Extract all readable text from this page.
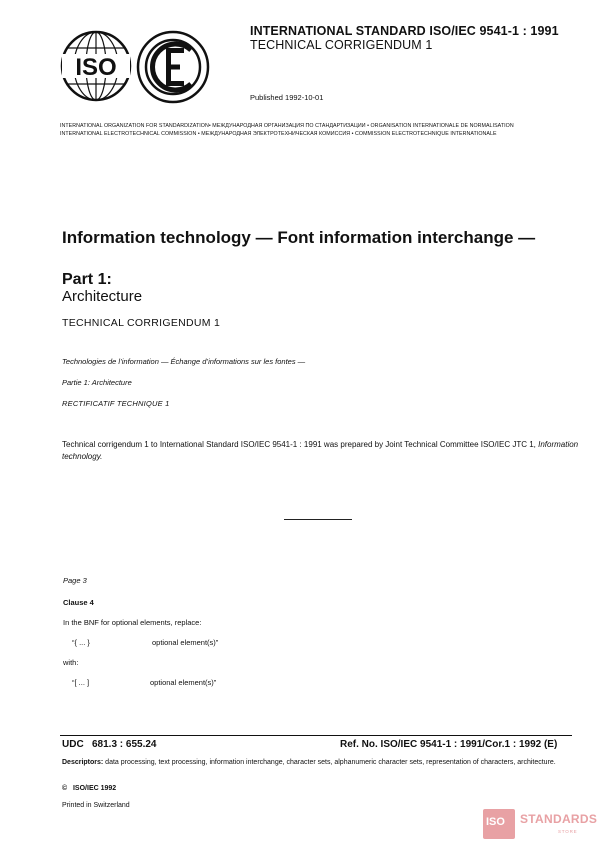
ISO

INTERNATIONAL STANDARD ISO/IEC 9541-1 : 1991

TECHNICAL CORRIGENDUM 1

Published 1992-10-01

INTERNATIONAL ORGANIZATION FOR STANDARDIZATION• МЕЖДУНАРОДНАЯ ОРГАНИЗАЦИЯ ПО СТАНДАРТИЗАЦИИ • ORGANISATION INTERNATIONALE DE NORMALISATION

INTERNATIONAL ELECTROTECHNICAL COMMISSION • МЕЖДУНАРОДНАЯ ЭЛЕКТРОТЕХНИЧЕСКАЯ КОМИССИЯ • COMMISSION ELECTROTECHNIQUE INTERNATIONALE

Information technology — Font information interchange —
Part 1:
Architecture

TECHNICAL CORRIGENDUM 1

Technologies de l’information — Échange d’informations sur les fontes —

Partie 1: Architecture

RECTIFICATIF TECHNIQUE 1

Technical corrigendum 1 to International Standard ISO/IEC 9541-1 : 1991 was prepared by Joint Technical Committee ISO/IEC JTC 1, Information technology.

Page 3

Clause 4

In the BNF for optional elements, replace:

“{ ... }	optional element(s)”

with:

“[ ... ]	optional element(s)”

UDC   681.3 : 655.24	Ref. No. ISO/IEC 9541-1 : 1991/Cor.1 : 1992 (E)

Descriptors: data processing, text processing, information interchange, character sets, alphanumeric character sets, representation of characters, architecture.

©   ISO/IEC 1992

Printed in Switzerland

ISO STANDARDS

STORE
